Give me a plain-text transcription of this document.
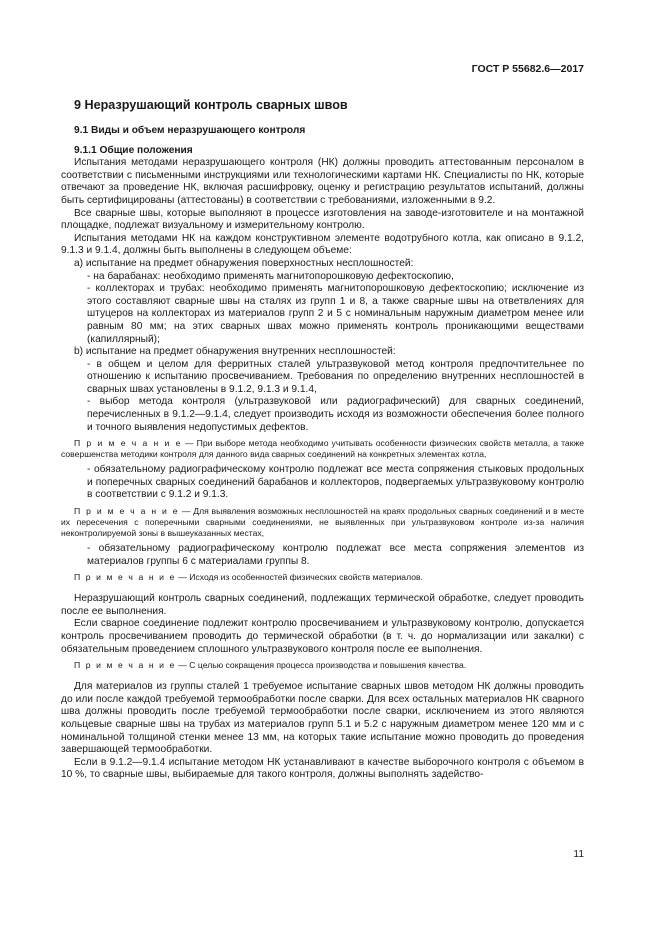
ГОСТ Р 55682.6—2017
9 Неразрушающий контроль сварных швов
9.1 Виды и объем неразрушающего контроля
9.1.1 Общие положения

Испытания методами неразрушающего контроля (НК) должны проводить аттестованным персоналом в соответствии с письменными инструкциями или технологическими картами НК. Специалисты по НК, которые отвечают за проведение НК, включая расшифровку, оценку и регистрацию результатов испытаний, должны быть сертифицированы (аттестованы) в соответствии с требованиями, изложенными в 9.2.

Все сварные швы, которые выполняют в процессе изготовления на заводе-изготовителе и на монтажной площадке, подлежат визуальному и измерительному контролю.

Испытания методами НК на каждом конструктивном элементе водотрубного котла, как описано в 9.1.2, 9.1.3 и 9.1.4, должны быть выполнены в следующем объеме:

a) испытание на предмет обнаружения поверхностных несплошностей:

- на барабанах: необходимо применять магнитопорошковую дефектоскопию,

- коллекторах и трубах: необходимо применять магнитопорошковую дефектоскопию; исключение из этого составляют сварные швы на сталях из групп 1 и 8, а также сварные швы на ответвлениях для штуцеров на коллекторах из материалов групп 2 и 5 с номинальным наружным диаметром менее или равным 80 мм; на этих сварных швах можно применять контроль проникающими веществами (капиллярный);

b) испытание на предмет обнаружения внутренних несплошностей:

- в общем и целом для ферритных сталей ультразвуковой метод контроля предпочтительнее по отношению к испытанию просвечиванием. Требования по определению внутренних несплошностей в сварных швах установлены в 9.1.2, 9.1.3 и 9.1.4,

- выбор метода контроля (ультразвуковой или радиографический) для сварных соединений, перечисленных в 9.1.2—9.1.4, следует производить исходя из возможности обеспечения более полного и точного выявления недопустимых дефектов.

П р и м е ч а н и е — При выборе метода необходимо учитывать особенности физических свойств металла, а также совершенства методики контроля для данного вида сварных соединений на конкретных элементах котла,

- обязательному радиографическому контролю подлежат все места сопряжения стыковых продольных и поперечных сварных соединений барабанов и коллекторов, подвергаемых ультразвуковому контролю в соответствии с 9.1.2 и 9.1.3.

П р и м е ч а н и е — Для выявления возможных несплошностей на краях продольных сварных соединений и в месте их пересечения с поперечными сварными соединениями, не выявленных при ультразвуковом контроле из-за наличия неконтролируемой зоны в вышеуказанных местах,

- обязательному радиографическому контролю подлежат все места сопряжения элементов из материалов группы 6 с материалами группы 8.

П р и м е ч а н и е — Исходя из особенностей физических свойств материалов.

Неразрушающий контроль сварных соединений, подлежащих термической обработке, следует проводить после ее выполнения.

Если сварное соединение подлежит контролю просвечиванием и ультразвуковому контролю, допускается контроль просвечиванием проводить до термической обработки (в т. ч. до нормализации или закалки) с обязательным проведением сплошного ультразвукового контроля после ее выполнения.

П р и м е ч а н и е — С целью сокращения процесса производства и повышения качества.

Для материалов из группы сталей 1 требуемое испытание сварных швов методом НК должны проводить до или после каждой требуемой термообработки после сварки. Для всех остальных материалов НК сварного шва должны проводить после требуемой термообработки после сварки, исключением из этого являются кольцевые сварные швы на трубах из материалов групп 5.1 и 5.2 с наружным диаметром менее 120 мм и с номинальной толщиной стенки менее 13 мм, на которых такие испытание можно проводить до проведения завершающей термообработки.

Если в 9.1.2—9.1.4 испытание методом НК устанавливают в качестве выборочного контроля с объемом в 10 %, то сварные швы, выбираемые для такого контроля, должны выполнять задейство-

11
